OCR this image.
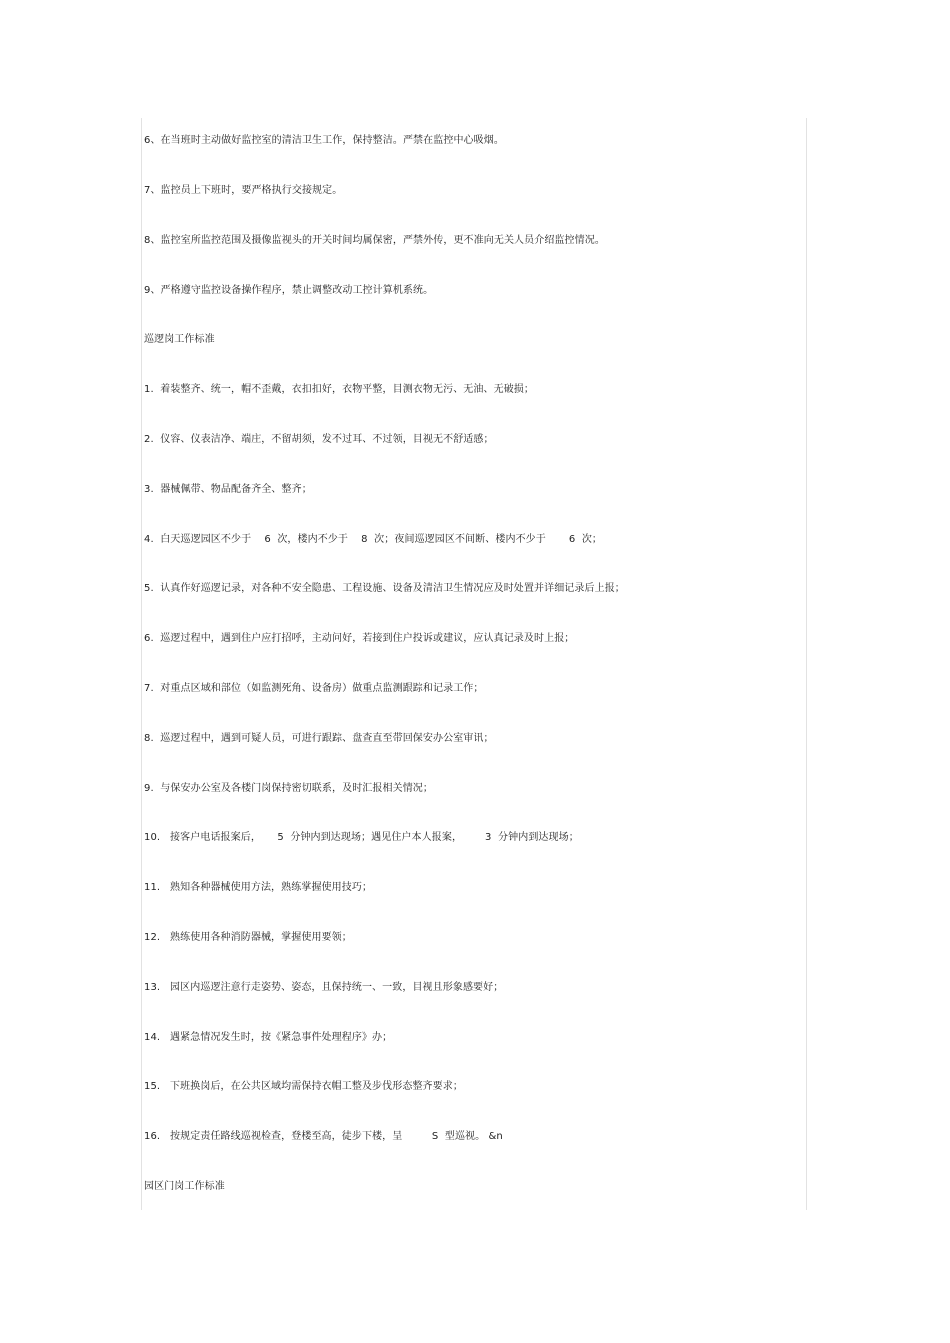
6、在当班时主动做好监控室的清洁卫生工作，保持整洁。严禁在监控中心吸烟。
7、监控员上下班时，要严格执行交接规定。
8、监控室所监控范围及摄像监视头的开关时间均属保密，严禁外传，更不准向无关人员介绍监控情况。
9、严格遵守监控设备操作程序，禁止调整改动工控计算机系统。
巡逻岗工作标准
1.  着装整齐、统一，帽不歪戴，衣扣扣好，衣物平整，目测衣物无污、无油、无破损；
2.  仪容、仪表洁净、端庄，不留胡须，发不过耳、不过领，目视无不舒适感；
3.  器械佩带、物品配备齐全、整齐；
4.  白天巡逻园区不少于    6  次，楼内不少于    8  次；夜间巡逻园区不间断、楼内不少于       6  次；
5.  认真作好巡逻记录，对各种不安全隐患、工程设施、设备及清洁卫生情况应及时处置并详细记录后上报；
6.  巡逻过程中，遇到住户应打招呼，主动问好，若接到住户投诉或建议，应认真记录及时上报；
7.  对重点区域和部位（如监测死角、设备房）做重点监测跟踪和记录工作；
8.  巡逻过程中，遇到可疑人员，可进行跟踪、盘查直至带回保安办公室审讯；
9.  与保安办公室及各楼门岗保持密切联系，及时汇报相关情况；
10.   接客户电话报案后，     5  分钟内到达现场；遇见住户本人报案，       3  分钟内到达现场；
11.   熟知各种器械使用方法，熟练掌握使用技巧；
12.   熟练使用各种消防器械，掌握使用要领；
13.   园区内巡逻注意行走姿势、姿态，且保持统一、一致，目视且形象感要好；
14.   遇紧急情况发生时，按《紧急事件处理程序》办；
15.   下班换岗后，在公共区域均需保持衣帽工整及步伐形态整齐要求；
16.   按规定责任路线巡视检查，登楼至高，徒步下楼，呈         S  型巡视。 &n
园区门岗工作标准
